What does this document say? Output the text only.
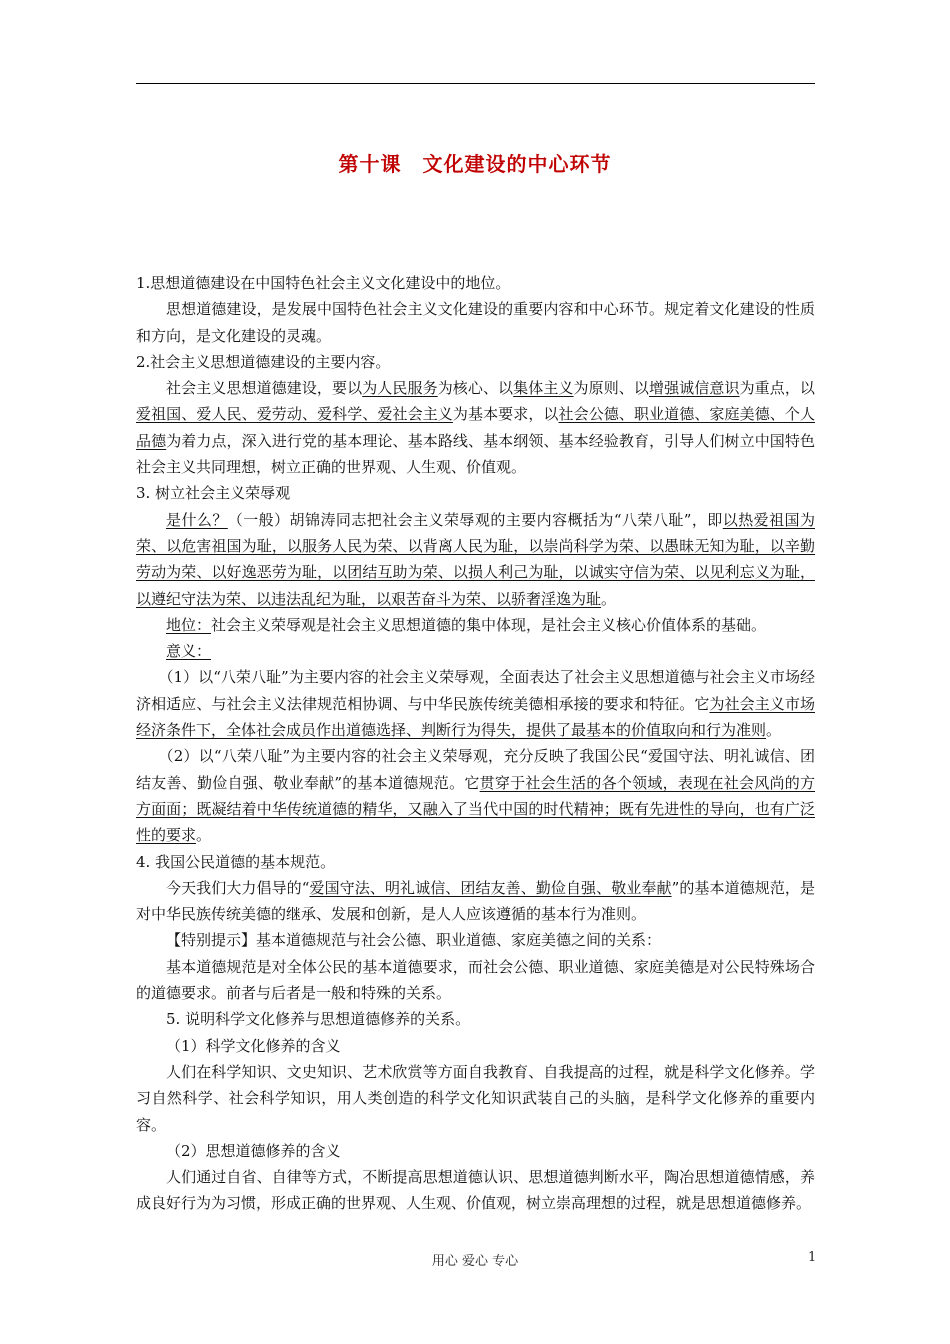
第十课　文化建设的中心环节

1.思想道德建设在中国特色社会主义文化建设中的地位。

思想道德建设，是发展中国特色社会主义文化建设的重要内容和中心环节。规定着文化建设的性质和方向，是文化建设的灵魂。

2.社会主义思想道德建设的主要内容。

社会主义思想道德建设，要以为人民服务为核心、以集体主义为原则、以增强诚信意识为重点，以爱祖国、爱人民、爱劳动、爱科学、爱社会主义为基本要求，以社会公德、职业道德、家庭美德、个人品德为着力点，深入进行党的基本理论、基本路线、基本纲领、基本经验教育，引导人们树立中国特色社会主义共同理想，树立正确的世界观、人生观、价值观。

3. 树立社会主义荣辱观

是什么？（一般）胡锦涛同志把社会主义荣辱观的主要内容概括为“八荣八耻”，即以热爱祖国为荣、以危害祖国为耻，以服务人民为荣、以背离人民为耻，以崇尚科学为荣、以愚昧无知为耻，以辛勤劳动为荣、以好逸恶劳为耻，以团结互助为荣、以损人利己为耻，以诚实守信为荣、以见利忘义为耻，以遵纪守法为荣、以违法乱纪为耻，以艰苦奋斗为荣、以骄奢淫逸为耻。

地位：社会主义荣辱观是社会主义思想道德的集中体现，是社会主义核心价值体系的基础。

意义：

（1）以“八荣八耻”为主要内容的社会主义荣辱观，全面表达了社会主义思想道德与社会主义市场经济相适应、与社会主义法律规范相协调、与中华民族传统美德相承接的要求和特征。它为社会主义市场经济条件下，全体社会成员作出道德选择、判断行为得失，提供了最基本的价值取向和行为准则。

（2）以“八荣八耻”为主要内容的社会主义荣辱观，充分反映了我国公民“爱国守法、明礼诚信、团结友善、勤俭自强、敬业奉献”的基本道德规范。它贯穿于社会生活的各个领域，表现在社会风尚的方方面面；既凝结着中华传统道德的精华，又融入了当代中国的时代精神；既有先进性的导向，也有广泛性的要求。

4. 我国公民道德的基本规范。

今天我们大力倡导的“爱国守法、明礼诚信、团结友善、勤俭自强、敬业奉献”的基本道德规范，是对中华民族传统美德的继承、发展和创新，是人人应该遵循的基本行为准则。

【特别提示】基本道德规范与社会公德、职业道德、家庭美德之间的关系：

基本道德规范是对全体公民的基本道德要求，而社会公德、职业道德、家庭美德是对公民特殊场合的道德要求。前者与后者是一般和特殊的关系。

5. 说明科学文化修养与思想道德修养的关系。

（1）科学文化修养的含义

人们在科学知识、文史知识、艺术欣赏等方面自我教育、自我提高的过程，就是科学文化修养。学习自然科学、社会科学知识，用人类创造的科学文化知识武装自己的头脑，是科学文化修养的重要内容。

（2）思想道德修养的含义

人们通过自省、自律等方式，不断提高思想道德认识、思想道德判断水平，陶冶思想道德情感，养成良好行为为习惯，形成正确的世界观、人生观、价值观，树立崇高理想的过程，就是思想道德修养。

用心 爱心 专心	1
